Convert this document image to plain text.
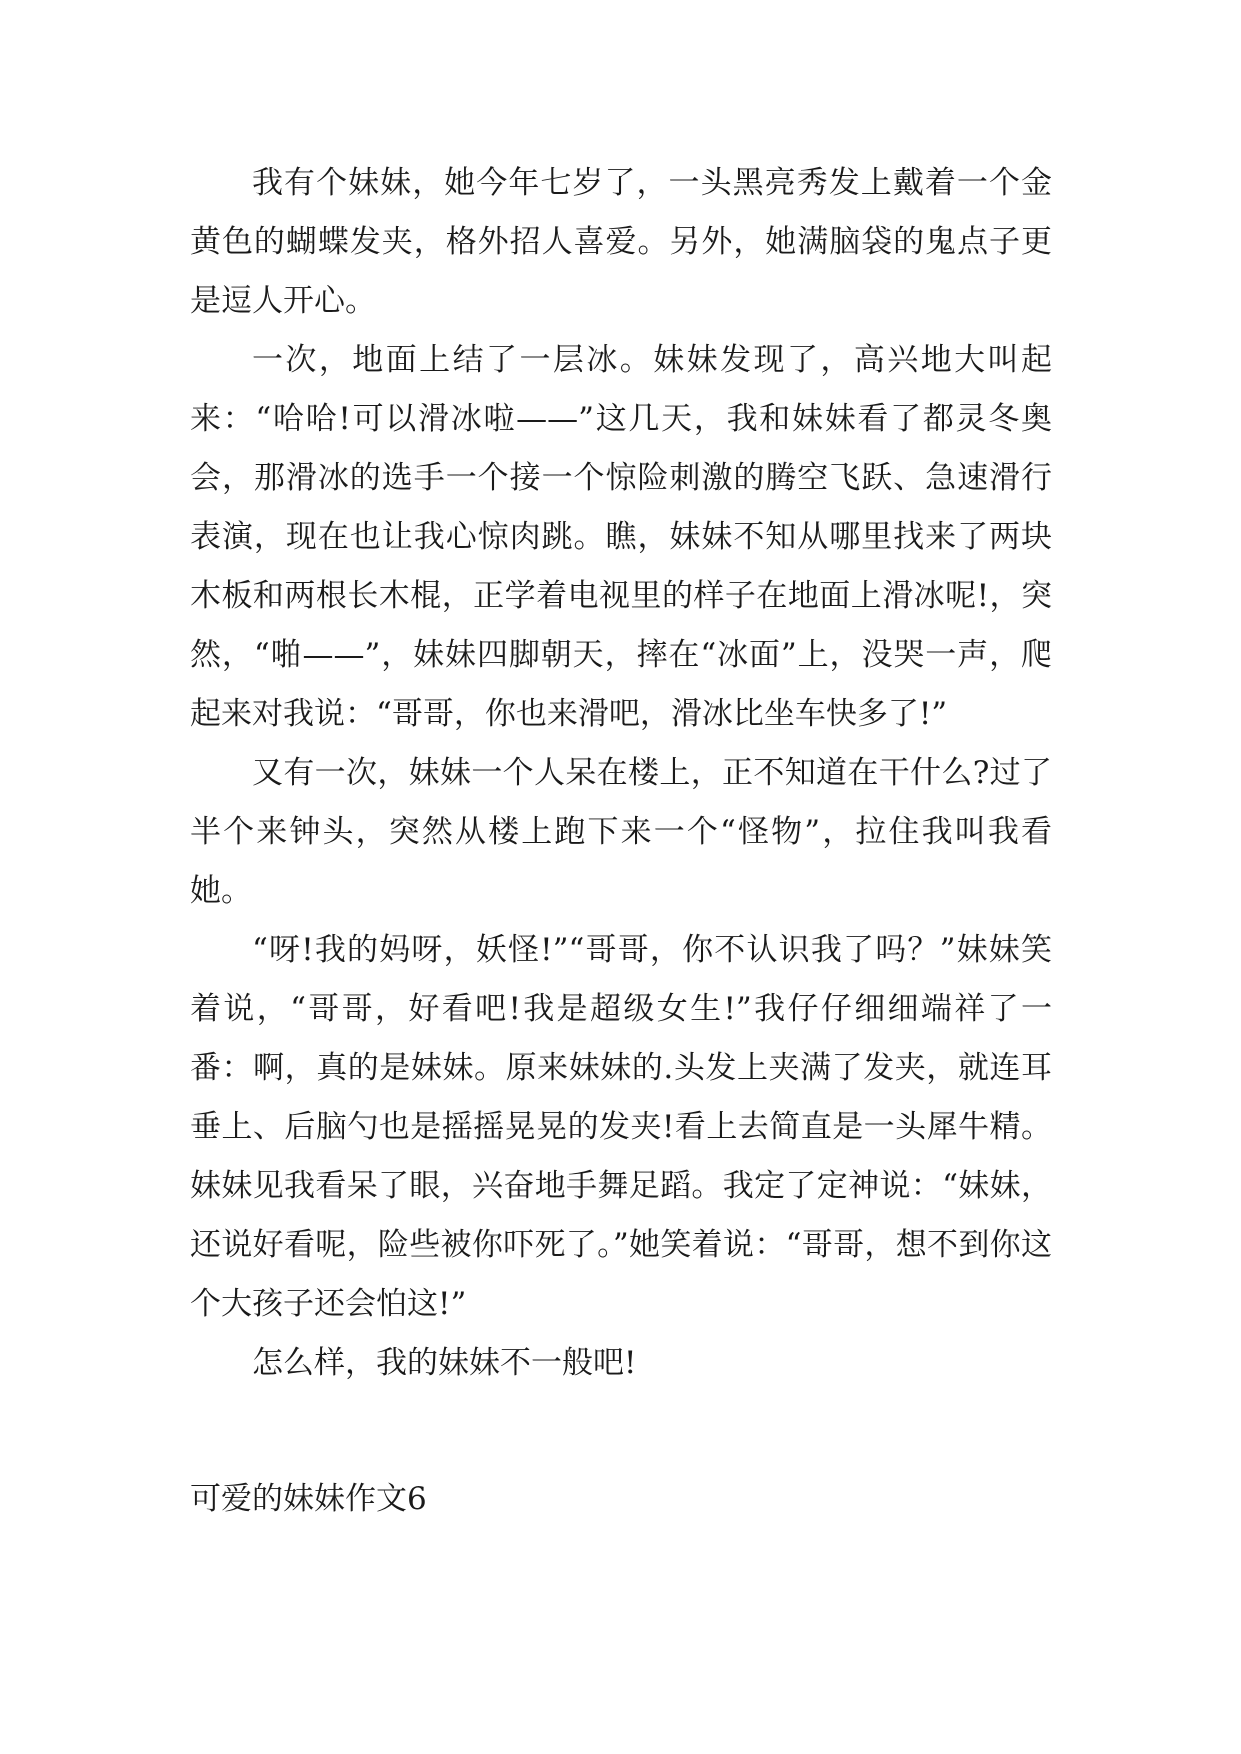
我有个妹妹，她今年七岁了，一头黑亮秀发上戴着一个金黄色的蝴蝶发夹，格外招人喜爱。另外，她满脑袋的鬼点子更是逗人开心。

一次，地面上结了一层冰。妹妹发现了，高兴地大叫起来：“哈哈!可以滑冰啦——”这几天，我和妹妹看了都灵冬奥会，那滑冰的选手一个接一个惊险刺激的腾空飞跃、急速滑行表演，现在也让我心惊肉跳。瞧，妹妹不知从哪里找来了两块木板和两根长木棍，正学着电视里的样子在地面上滑冰呢!，突然，“啪——”，妹妹四脚朝天，摔在“冰面”上，没哭一声，爬起来对我说：“哥哥，你也来滑吧，滑冰比坐车快多了!”

又有一次，妹妹一个人呆在楼上，正不知道在干什么?过了半个来钟头，突然从楼上跑下来一个“怪物”，拉住我叫我看她。

“呀!我的妈呀，妖怪!”“哥哥，你不认识我了吗？”妹妹笑着说，“哥哥，好看吧!我是超级女生!”我仔仔细细端祥了一番：啊，真的是妹妹。原来妹妹的.头发上夹满了发夹，就连耳垂上、后脑勺也是摇摇晃晃的发夹!看上去简直是一头犀牛精。妹妹见我看呆了眼，兴奋地手舞足蹈。我定了定神说：“妹妹，还说好看呢，险些被你吓死了。”她笑着说：“哥哥，想不到你这个大孩子还会怕这!”

怎么样，我的妹妹不一般吧!

可爱的妹妹作文6
